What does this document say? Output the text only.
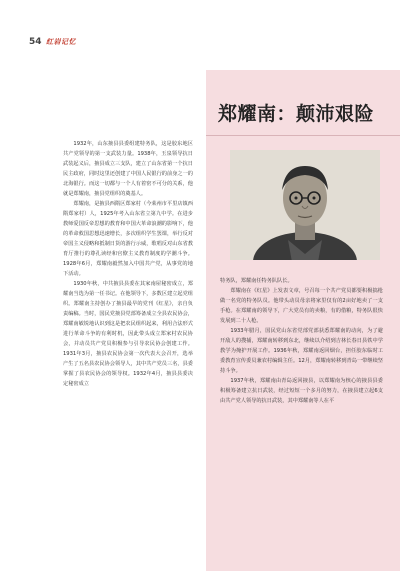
54 红岩记忆
郑耀南：颠沛艰险

1932年，山东掖县县委组建特务队，这是胶东地区共产党领导的第一支武装力量。1938年，玉泉领导抗日武装起义后，掖县成立三支队，建立了山东省第一个抗日民主政府，同时这里还创建了中国人民银行的前身之一的北海银行。而这一切都与一个人有着密不可分的关系，他就是郑耀南，掖县党组织的奠基人。

郑耀南，是掖县西隋区郑家村（今莱州市平里店镇西隋郑家村）人，1925年考入山东省立第九中学。在进步教师爱国反帝思想的教育和中国大革命浪潮的影响下，他的革命救国思想迅速增长，多次组织学生罢课，举行反对帝国主义侵略和抵制日货的游行示威，歌唱反对山东省教育厅推行的尊孔读经和官僚主义教育制度的学潮斗争。1928年6月，郑耀南毅然加入中国共产党，从事党的地下活动。

1930年秋，中共掖县县委在其家南屋秘密成立，郑耀南当选为第一任书记。在他领导下，多数区建立起党组织。郑耀南主持创办了掖县最早的党刊《红星》，亲自负责编稿。当时，国民党掖县党部筹备成立全县农民协会，郑耀南敏锐地认识到这是把农民组织起来，利用合法形式进行革命斗争的有利时机，因此带头成立郑家村农民协会，并动员共产党员积极参与引导农民协会创建工作。1931年3月，掖县农民协会第一次代表大会召开，选举产生了五名县农民协会领导人，其中共产党员三名，县委掌握了县农民协会的领导权。1932年4月，掖县县委决定秘密成立

特务队，郑耀南任特务队队长。

郑耀南在《红星》上发表文章，号召每一个共产党员都要积极搞枪做一名党的特务队员。他带头动员母亲将家里仅有的2亩好地卖了一支手枪。在郑耀南的领导下，广大党员有的卖粮，有的借粮，特务队很快发展到二十人枪。

1933年腊月，国民党山东省党部党部获悉郑耀南的动向，为了避开敌人的搜捕，郑耀南转移到东北，继续以介绍到吉林长春日县铁中学教学为掩护开展工作。1936年秋，郑耀南返回烟台，担任胶东临时工委教育宣传委员兼农村编辑主任。12月，郑耀南转移到青岛一带继续坚持斗争。

1937年秋，郑耀南由青岛返回掖县，以郑耀南为核心的掖县县委积极筹备建立抗日武装，经过短短一个多月的努力，在掖县建立起6支由共产党人领导的抗日武装，其中郑耀南等人在平
